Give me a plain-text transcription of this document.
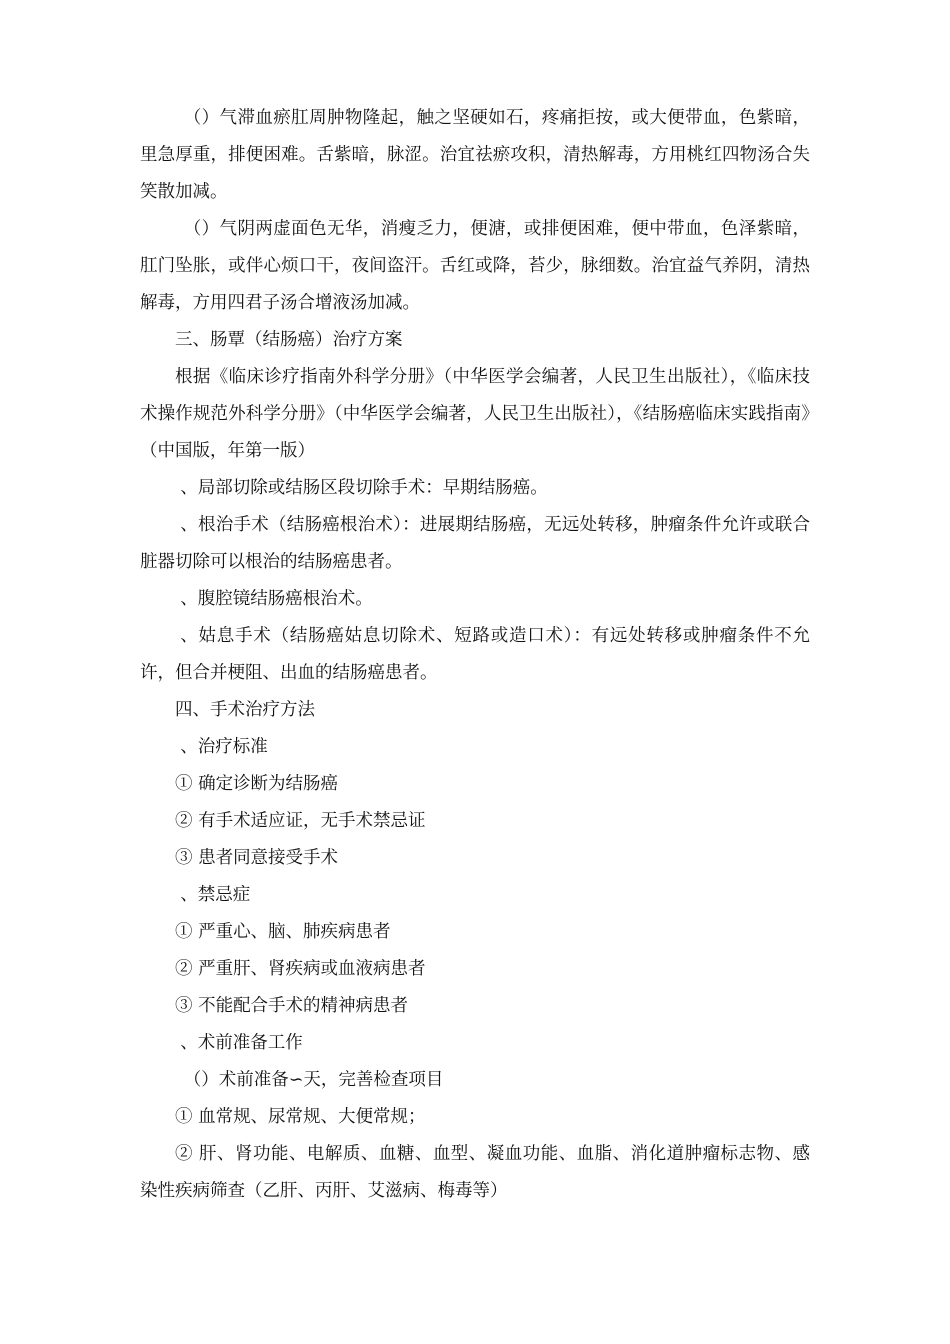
（）气滞血瘀肛周肿物隆起，触之坚硬如石，疼痛拒按，或大便带血，色紫暗，里急厚重，排便困难。舌紫暗，脉涩。治宜祛瘀攻积，清热解毒，方用桃红四物汤合失笑散加减。

（）气阴两虚面色无华，消瘦乏力，便溏，或排便困难，便中带血，色泽紫暗，肛门坠胀，或伴心烦口干，夜间盗汗。舌红或降，苔少，脉细数。治宜益气养阴，清热解毒，方用四君子汤合增液汤加减。

三、肠覃（结肠癌）治疗方案

根据《临床诊疗指南外科学分册》（中华医学会编著，人民卫生出版社），《临床技术操作规范外科学分册》（中华医学会编著，人民卫生出版社），《结肠癌临床实践指南》（中国版，年第一版）

、局部切除或结肠区段切除手术：早期结肠癌。

、根治手术（结肠癌根治术）：进展期结肠癌，无远处转移，肿瘤条件允许或联合脏器切除可以根治的结肠癌患者。

、腹腔镜结肠癌根治术。

、姑息手术（结肠癌姑息切除术、短路或造口术）：有远处转移或肿瘤条件不允许，但合并梗阻、出血的结肠癌患者。

四、手术治疗方法

、治疗标准

① 确定诊断为结肠癌

② 有手术适应证，无手术禁忌证

③ 患者同意接受手术

、禁忌症

① 严重心、脑、肺疾病患者

② 严重肝、肾疾病或血液病患者

③ 不能配合手术的精神病患者

、术前准备工作

（）术前准备∽天，完善检查项目

① 血常规、尿常规、大便常规；

② 肝、肾功能、电解质、血糖、血型、凝血功能、血脂、消化道肿瘤标志物、感染性疾病筛查（乙肝、丙肝、艾滋病、梅毒等）
